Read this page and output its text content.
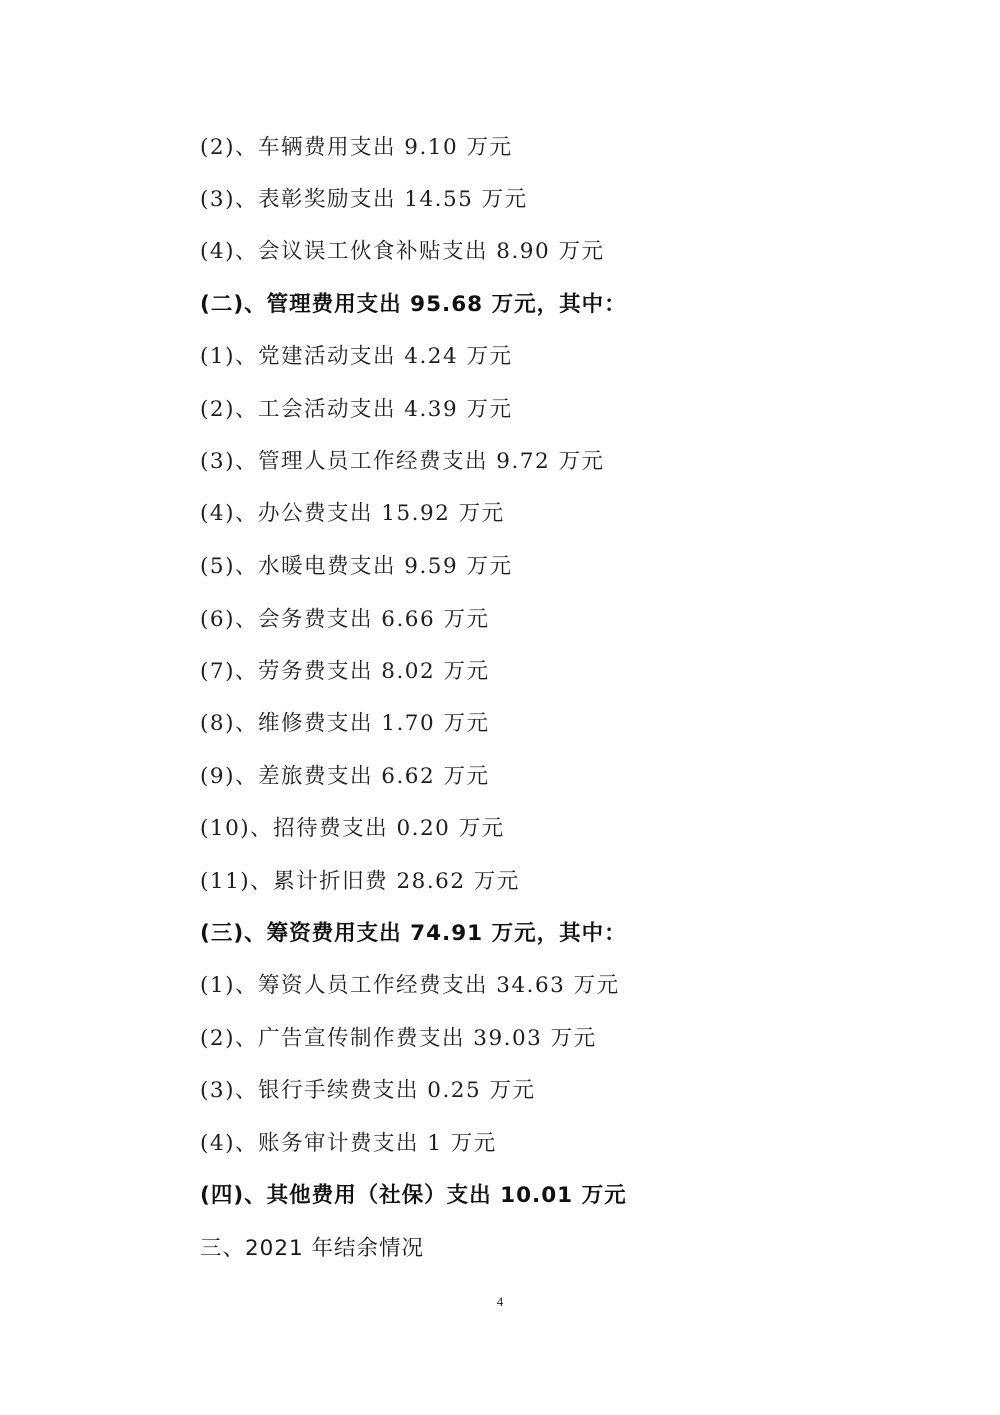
(2)、车辆费用支出 9.10 万元
(3)、表彰奖励支出 14.55 万元
(4)、会议误工伙食补贴支出 8.90 万元
(二)、管理费用支出 95.68 万元，其中：
(1)、党建活动支出 4.24 万元
(2)、工会活动支出 4.39 万元
(3)、管理人员工作经费支出 9.72 万元
(4)、办公费支出 15.92 万元
(5)、水暖电费支出 9.59 万元
(6)、会务费支出 6.66 万元
(7)、劳务费支出 8.02 万元
(8)、维修费支出 1.70 万元
(9)、差旅费支出 6.62 万元
(10)、招待费支出 0.20 万元
(11)、累计折旧费 28.62 万元
(三)、筹资费用支出 74.91 万元，其中：
(1)、筹资人员工作经费支出 34.63 万元
(2)、广告宣传制作费支出 39.03 万元
(3)、银行手续费支出 0.25 万元
(4)、账务审计费支出 1 万元
(四)、其他费用（社保）支出 10.01 万元
三、2021 年结余情况
4
